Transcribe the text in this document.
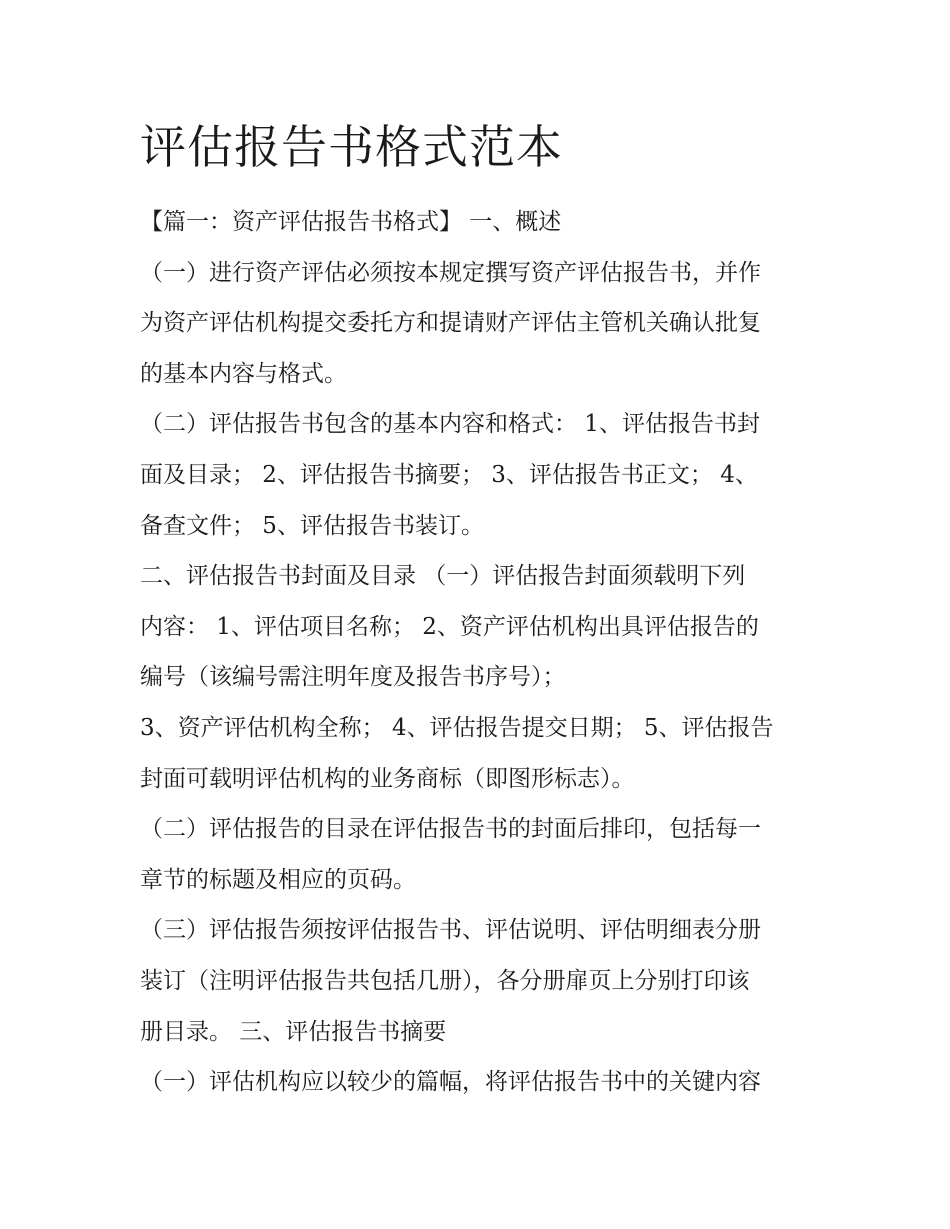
评估报告书格式范本
【篇一：资产评估报告书格式】 一、概述
（一）进行资产评估必须按本规定撰写资产评估报告书，并作
为资产评估机构提交委托方和提请财产评估主管机关确认批复
的基本内容与格式。
（二）评估报告书包含的基本内容和格式： 1、评估报告书封
面及目录； 2、评估报告书摘要； 3、评估报告书正文； 4、
备查文件； 5、评估报告书装订。
二、评估报告书封面及目录 （一）评估报告封面须载明下列
内容： 1、评估项目名称； 2、资产评估机构出具评估报告的
编号（该编号需注明年度及报告书序号）；
3、资产评估机构全称； 4、评估报告提交日期； 5、评估报告
封面可载明评估机构的业务商标（即图形标志）。
（二）评估报告的目录在评估报告书的封面后排印，包括每一
章节的标题及相应的页码。
（三）评估报告须按评估报告书、评估说明、评估明细表分册
装订（注明评估报告共包括几册），各分册扉页上分别打印该
册目录。 三、评估报告书摘要
（一）评估机构应以较少的篇幅，将评估报告书中的关键内容
